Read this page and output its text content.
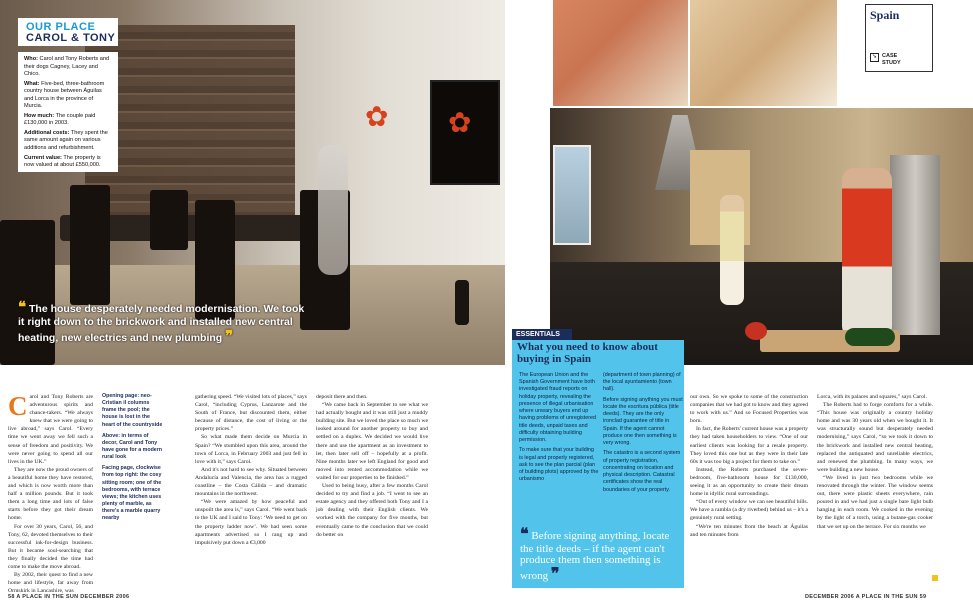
✿
✿
OUR PLACE
CAROL & TONY

Who: Carol and Tony Roberts and their dogs Cagney, Lacey and Chico.

What: Five-bed, three-bathroom country house between Águilas and Lorca in the province of Murcia.

How much: The couple paid £130,000 in 2003.

Additional costs: They spent the same amount again on various additions and refurbishment.

Current value: The property is now valued at about £550,000.

❝ The house desperately needed modernisation. We took it right down to the brickwork and installed new central heating, new electrics and new plumbing ❞
Spain
➘ CASE
STUDY
ESSENTIALS
What you need to know about buying in Spain

The European Union and the Spanish Government have both investigated fraud reports on holiday property, revealing the presence of illegal urbanisation where unwary buyers end up having problems of unregistered title deeds, unpaid taxes and difficulty obtaining building permission.

To make sure that your building is legal and properly registered, ask to see the plan parcial (plan of building plots) approved by the urbanismo

(department of town planning) of the local ayuntamiento (town hall).

Before signing anything you must locate the escritura pública (title deeds). They are the only ironclad guarantee of title in Spain. If the agent cannot produce one then something is very wrong.

The catastro is a second system of property registration, concentrating on location and physical description. Catastral certificates show the real boundaries of your property.

❝ Before signing anything, locate the title deeds – if the agent can't produce them then something is wrong ❞
C arol and Tony Roberts are adventurous spirits and chance-takers. “We always knew that we were going to live abroad,” says Carol. “Every time we went away we fell such a sense of freedom and positivity. We were never going to spend all our lives in the UK.”

They are now the proud owners of a beautiful home they have restored, and which is now worth more than half a million pounds. But it took them a long time and lots of false starts before they got their dream home.

For over 30 years, Carol, 56, and Tony, 62, devoted themselves to their successful ink-for-design business. But it became soul-searching that they finally decided the time had come to make the move abroad.

By 2002, their quest to find a new home and lifestyle, far away from Ormskirk in Lancashire, was

Opening page: neo-Cristian il columns frame the pool; the house is lost in the heart of the countryside

Above: in terms of decor, Carol and Tony have gone for a modern rural look

Facing page, clockwise from top right: the cosy sitting room; one of the bedrooms, with terrace views; the kitchen uses plenty of marble, as there's a marble quarry nearby

gathering speed. “We visited lots of places,” says Carol, “including Cyprus, Lanzarote and the South of France, but discounted them, either because of distance, the cost of living or the property prices.”

So what made them decide on Murcia in Spain? “We stumbled upon this area, around the town of Lorca, in February 2003 and just fell in love with it,” says Carol.

And it's not hard to see why. Situated between Andalucía and Valencia, the area has a rugged coastline – the Costa Cálida – and dramatic mountains in the northwest.

“We were amazed by how peaceful and unspoilt the area is,” says Carol. “We went back to the UK and I said to Tony: ‘We need to get on the property ladder now’. We had seen some apartments advertised so I rang up and impulsively put down a €3,000

deposit there and then.

“We came back in September to see what we had actually bought and it was still just a muddy building site. But we loved the place so much we looked around for another property to buy and settled on a duplex. We decided we would live there and use the apartment as an investment to let, then later sell off – hopefully at a profit. Nine months later we left England for good and moved into rented accommodation while we waited for our properties to be finished.”

Used to being busy, after a few months Carol decided to try and find a job. “I went to see an estate agency and they offered both Tony and I a job dealing with their English clients. We worked with the company for five months, but eventually came to the conclusion that we could do better on

our own. So we spoke to some of the construction companies that we had got to know and they agreed to work with us.” And so Focused Properties was born.

In fact, the Roberts' current house was a property they had taken householders to view. “One of our earliest clients was looking for a resale property. They loved this one but as they were in their late 60s it was too big a project for them to take on.”

Instead, the Roberts purchased the seven-bedroom, five-bathroom house for £130,000, seeing it as an opportunity to create their dream home in idyllic rural surroundings.

“Out of every window we can see beautiful hills. We have a rambla (a dry riverbed) behind us – it's a genuinely rural setting.

“We're ten minutes from the beach at Águilas and ten minutes from

Lorca, with its palaces and squares,” says Carol.

The Roberts had to forge comforts for a while. “This house was originally a country holiday home and was 30 years old when we bought it. It was structurally sound but desperately needed modernising,” says Carol, “so we took it down to the brickwork and installed new central heating, replaced the antiquated and unreliable electrics, and renewed the plumbing. In many ways, we were building a new house.

“We lived in just two bedrooms while we renovated through the winter. The window seems out, there were plastic sheets everywhere, rain poured in and we had just a single bare light bulb hanging in each room. We cooked in the evening by the light of a torch, using a butane-gas cooker that we set up on the terrace. For six months we

58 A PLACE IN THE SUN DECEMBER 2006	DECEMBER 2006 A PLACE IN THE SUN 59
